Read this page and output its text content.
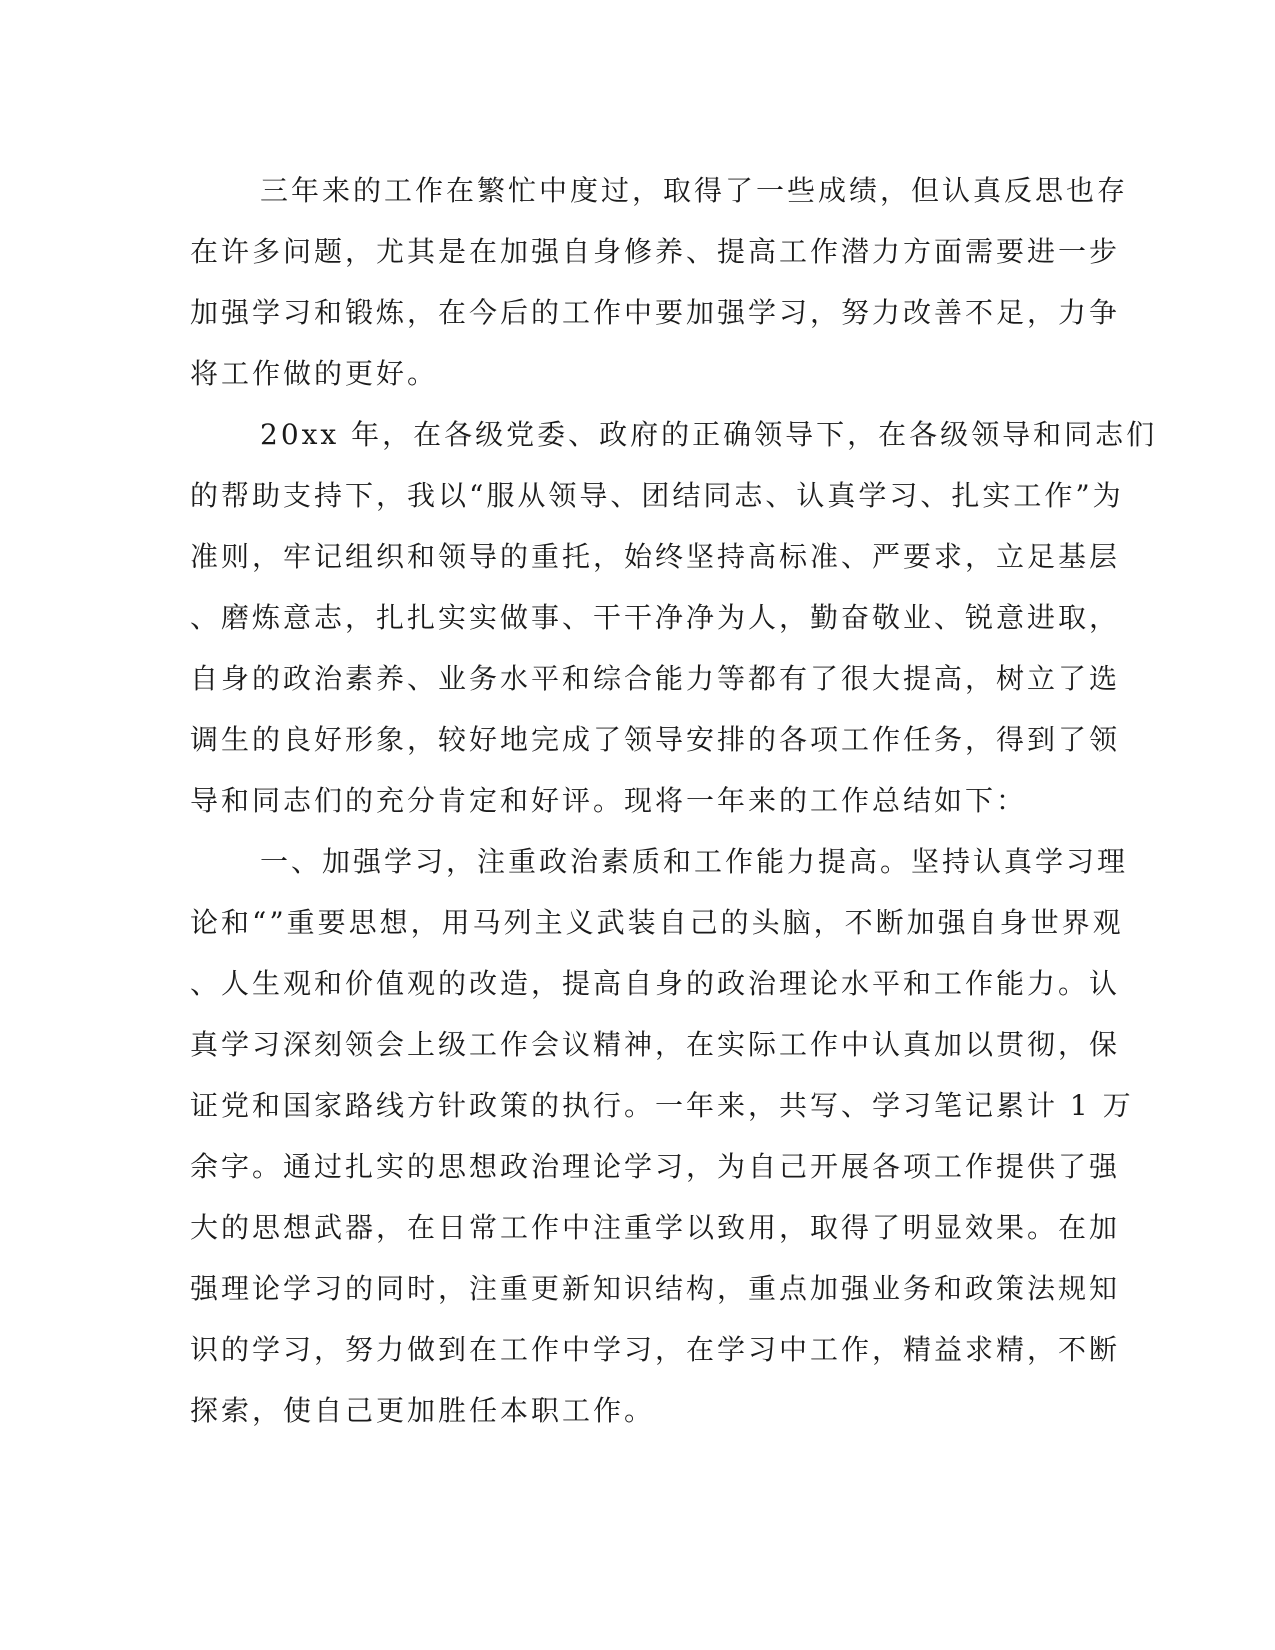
三年来的工作在繁忙中度过，取得了一些成绩，但认真反思也存
在许多问题，尤其是在加强自身修养、提高工作潜力方面需要进一步
加强学习和锻炼，在今后的工作中要加强学习，努力改善不足，力争
将工作做的更好。
20xx 年，在各级党委、政府的正确领导下，在各级领导和同志们
的帮助支持下，我以“服从领导、团结同志、认真学习、扎实工作”为
准则，牢记组织和领导的重托，始终坚持高标准、严要求，立足基层
、磨炼意志，扎扎实实做事、干干净净为人，勤奋敬业、锐意进取，
自身的政治素养、业务水平和综合能力等都有了很大提高，树立了选
调生的良好形象，较好地完成了领导安排的各项工作任务，得到了领
导和同志们的充分肯定和好评。现将一年来的工作总结如下：
一、加强学习，注重政治素质和工作能力提高。坚持认真学习理
论和“”重要思想，用马列主义武装自己的头脑，不断加强自身世界观
、人生观和价值观的改造，提高自身的政治理论水平和工作能力。认
真学习深刻领会上级工作会议精神，在实际工作中认真加以贯彻，保
证党和国家路线方针政策的执行。一年来，共写、学习笔记累计 1 万
余字。通过扎实的思想政治理论学习，为自己开展各项工作提供了强
大的思想武器，在日常工作中注重学以致用，取得了明显效果。在加
强理论学习的同时，注重更新知识结构，重点加强业务和政策法规知
识的学习，努力做到在工作中学习，在学习中工作，精益求精，不断
探索，使自己更加胜任本职工作。
